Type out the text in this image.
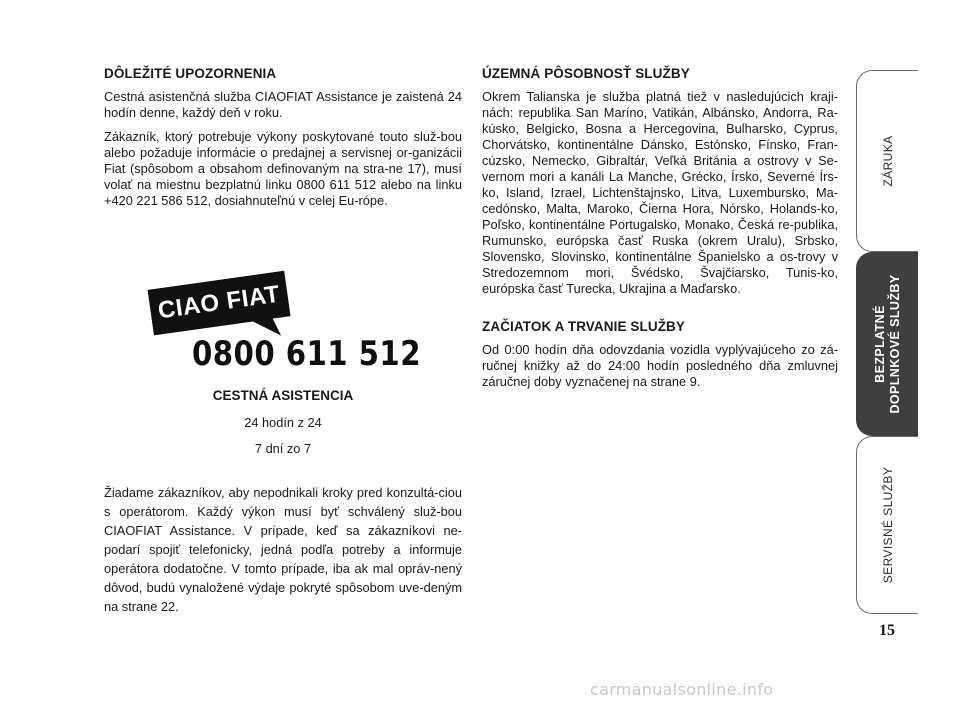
DÔLEŽITÉ UPOZORNENIA

Cestná asistenčná služba CIAOFIAT Assistance je zaistená 24 hodín denne, každý deň v roku.

Zákazník, ktorý potrebuje výkony poskytované touto služ-bou alebo požaduje informácie o predajnej a servisnej or-ganizácii Fiat (spôsobom a obsahom definovaným na stra-ne 17), musí volať na miestnu bezplatnú linku 0800 611 512 alebo na linku +420 221 586 512, dosiahnuteľnú v celej Eu-rópe.

CIAO FIAT
0800 611 512
CESTNÁ ASISTENCIA
24 hodín z 24
7 dní zo 7

Žiadame zákazníkov, aby nepodnikali kroky pred konzultá-ciou s operátorom. Každý výkon musí byť schválený služ-bou CIAOFIAT Assistance. V prípade, keď sa zákazníkovi ne-podarí spojiť telefonicky, jedná podľa potreby a informuje operátora dodatočne. V tomto prípade, iba ak mal opráv-nený dôvod, budú vynaložené výdaje pokryté spôsobom uve-deným na strane 22.

ÚZEMNÁ PÔSOBNOSŤ SLUŽBY

Okrem Talianska je služba platná tiež v nasledujúcich kraji-nách: republika San Maríno, Vatikán, Albánsko, Andorra, Ra-kúsko, Belgicko, Bosna a Hercegovina, Bulharsko, Cyprus, Chorvátsko, kontinentálne Dánsko, Estónsko, Fínsko, Fran-cúzsko, Nemecko, Gibraltár, Veľká Británia a ostrovy v Se-vernom mori a kanáli La Manche, Grécko, Írsko, Severné Írs-ko, Island, Izrael, Lichtenštajnsko, Litva, Luxembursko, Ma-cedónsko, Malta, Maroko, Čierna Hora, Nórsko, Holands-ko, Poľsko, kontinentálne Portugalsko, Monako, Česká re-publika, Rumunsko, európska časť Ruska (okrem Uralu), Srbsko, Slovensko, Slovinsko, kontinentálne Španielsko a os-trovy v Stredozemnom mori, Švédsko, Švajčiarsko, Tunis-ko, európska časť Turecka, Ukrajina a Maďarsko.

ZAČIATOK A TRVANIE SLUŽBY

Od 0:00 hodín dňa odovzdania vozidla vyplývajúceho zo zá-ručnej knižky až do 24:00 hodín posledného dňa zmluvnej záručnej doby vyznačenej na strane 9.

ZÁRUKA
BEZPLATNÉ DOPLNKOVÉ SLUŽBY
SERVISNÉ SLUŽBY
15
carmanualsonline.info
